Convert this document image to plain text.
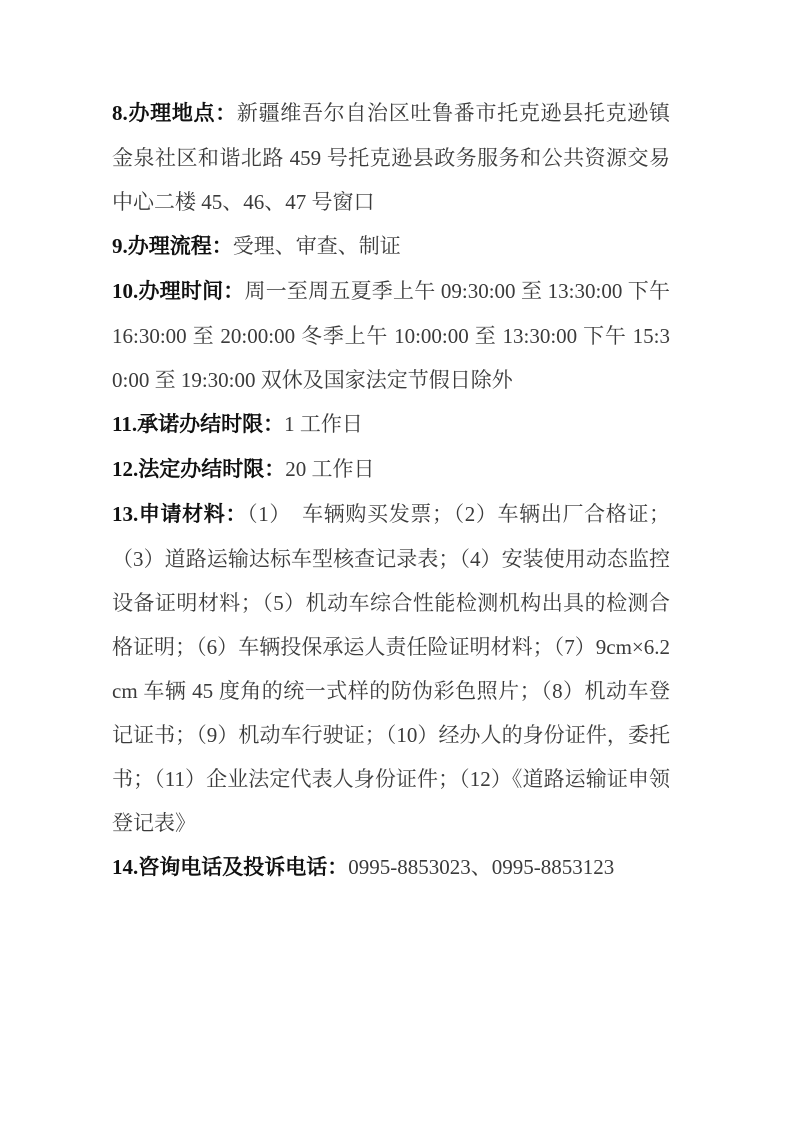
8.办理地点：新疆维吾尔自治区吐鲁番市托克逊县托克逊镇金泉社区和谐北路 459 号托克逊县政务服务和公共资源交易中心二楼 45、46、47 号窗口

9.办理流程：受理、审查、制证

10.办理时间：周一至周五夏季上午 09:30:00 至 13:30:00 下午 16:30:00 至 20:00:00 冬季上午 10:00:00 至 13:30:00 下午 15:30:00 至 19:30:00 双休及国家法定节假日除外

11.承诺办结时限：1 工作日

12.法定办结时限：20 工作日

13.申请材料：（1）　车辆购买发票；（2）车辆出厂合格证；（3）道路运输达标车型核查记录表；（4）安装使用动态监控设备证明材料；（5）机动车综合性能检测机构出具的检测合格证明；（6）车辆投保承运人责任险证明材料；（7）9cm×6.2cm 车辆 45 度角的统一式样的防伪彩色照片；（8）机动车登记证书；（9）机动车行驶证；（10）经办人的身份证件，委托书；（11）企业法定代表人身份证件；（12）《道路运输证申领登记表》

14.咨询电话及投诉电话：0995-8853023、0995-8853123
